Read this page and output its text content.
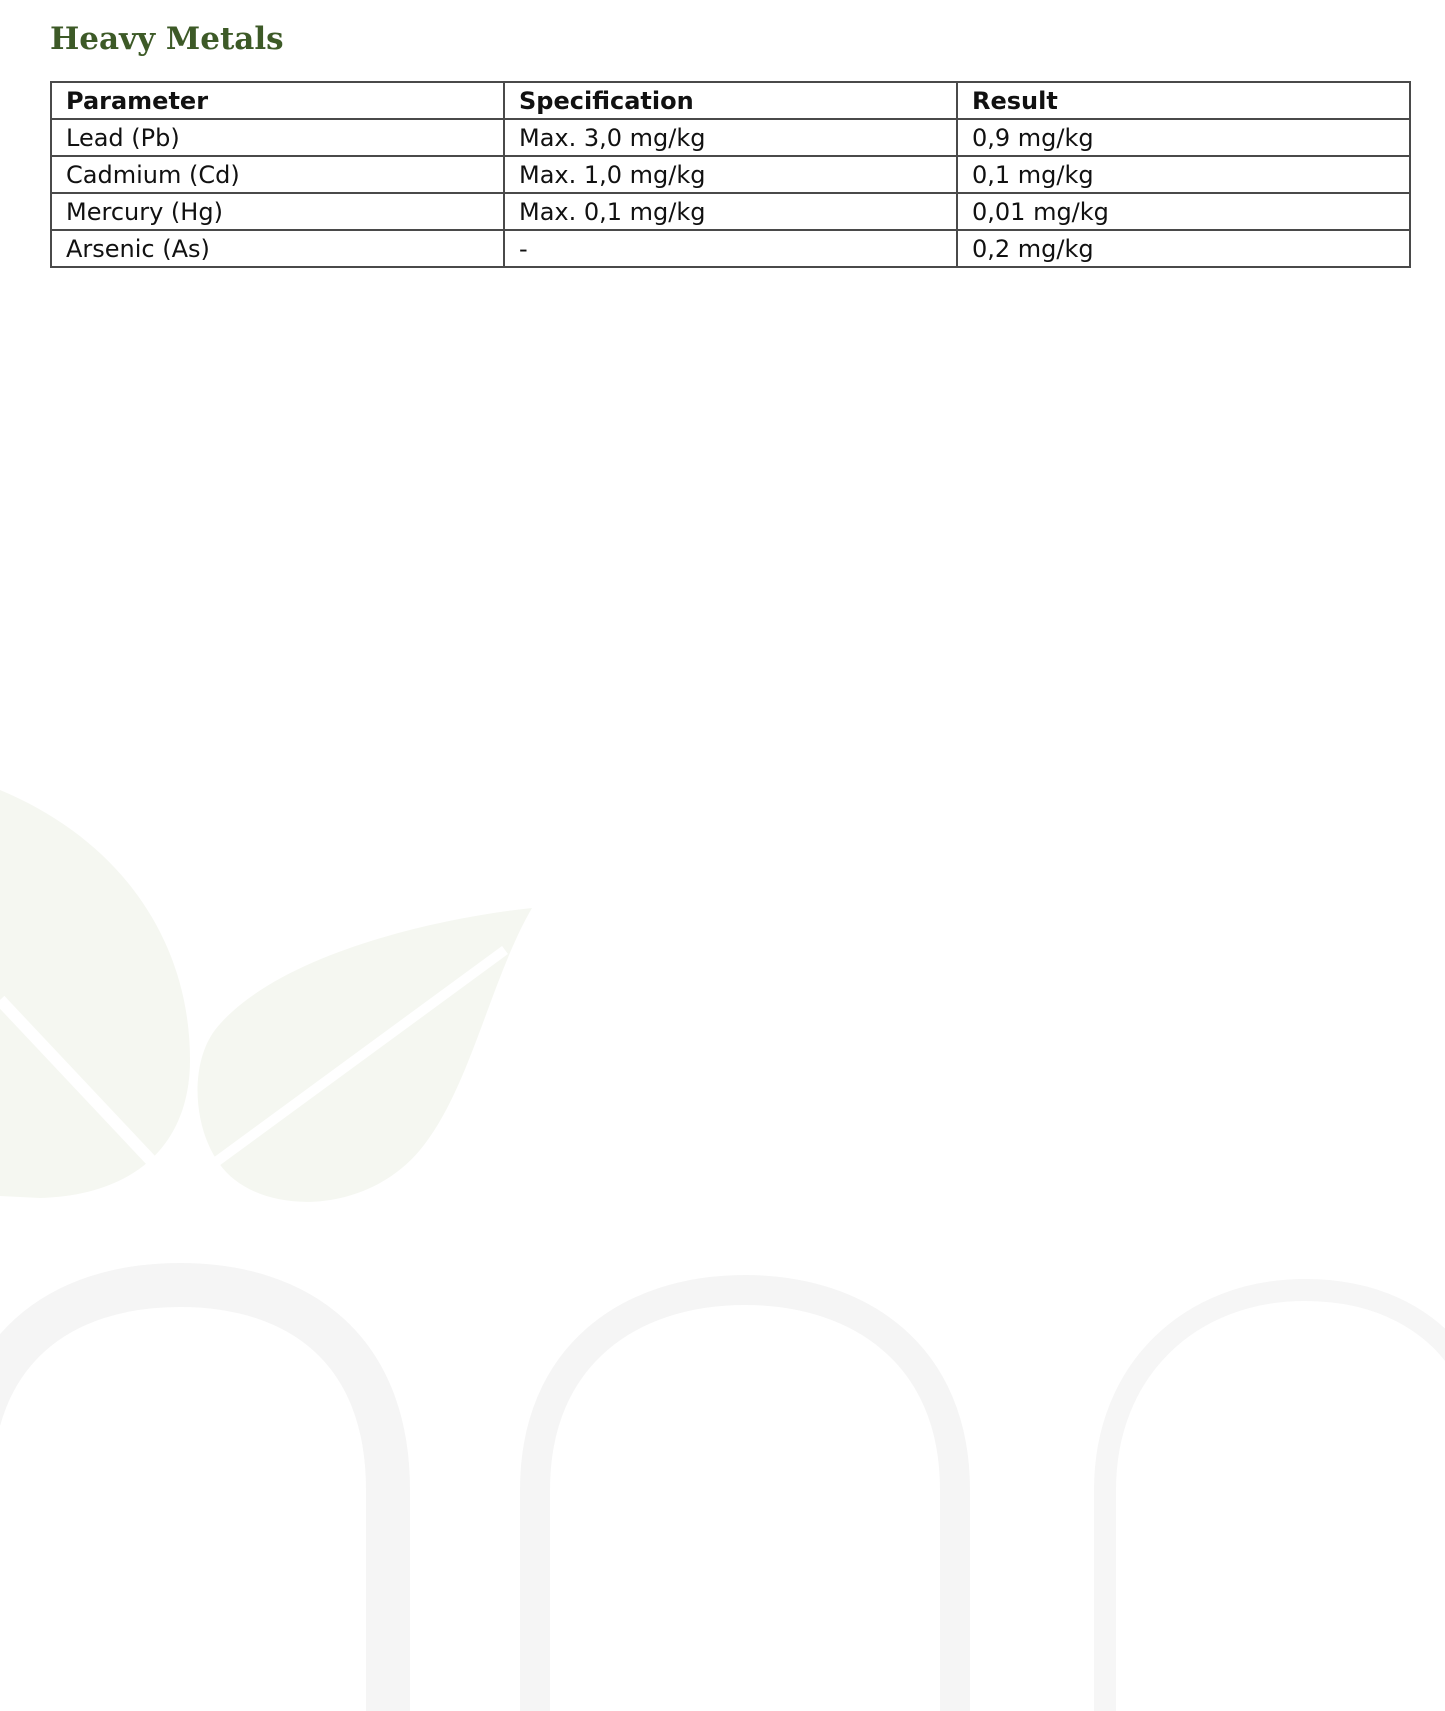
Heavy Metals
Parameter	Specification	Result
Lead (Pb)	Max. 3,0 mg/kg	0,9 mg/kg
Cadmium (Cd)	Max. 1,0 mg/kg	0,1 mg/kg
Mercury (Hg)	Max. 0,1 mg/kg	0,01 mg/kg
Arsenic (As)	-	0,2 mg/kg
